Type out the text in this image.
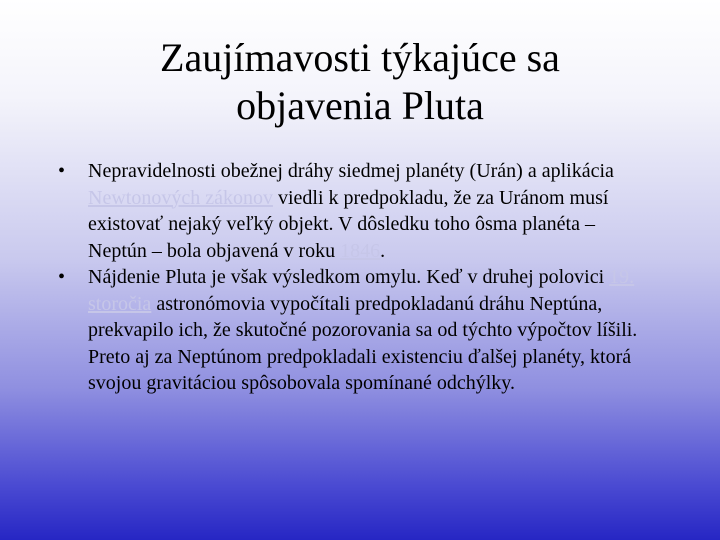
Zaujímavosti týkajúce sa
objavenia Pluta
•	Nepravidelnosti obežnej dráhy siedmej planéty (Urán) a aplikácia Newtonových zákonov viedli k predpokladu, že za Uránom musí existovať nejaký veľký objekt. V dôsledku toho ôsma planéta – Neptún – bola objavená v roku 1846.
•	Nájdenie Pluta je však výsledkom omylu. Keď v druhej polovici 19. storočia astronómovia vypočítali predpokladanú dráhu Neptúna, prekvapilo ich, že skutočné pozorovania sa od týchto výpočtov líšili. Preto aj za Neptúnom predpokladali existenciu ďalšej planéty, ktorá svojou gravitáciou spôsobovala spomínané odchýlky.
